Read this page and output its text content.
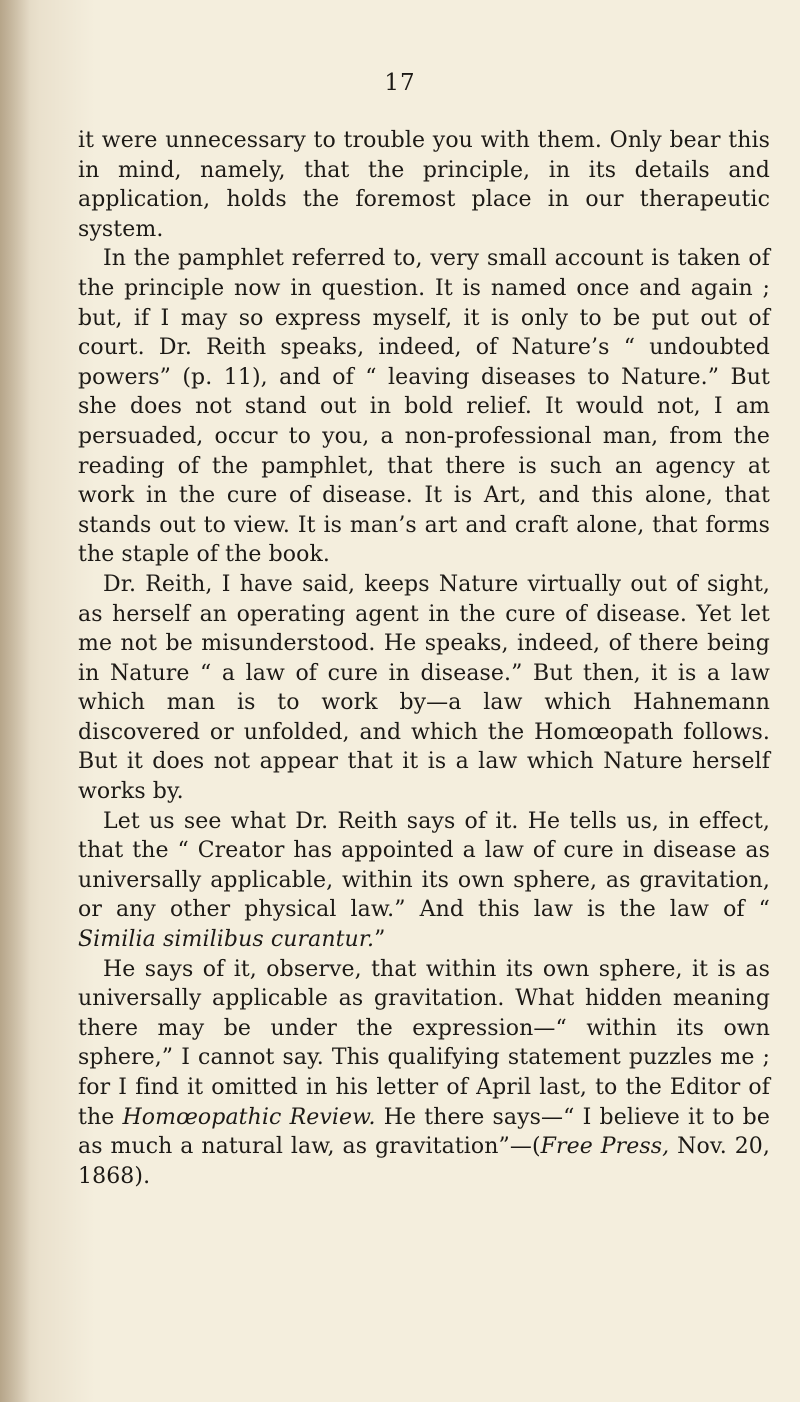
17

it were unnecessary to trouble you with them. Only bear this in mind, namely, that the principle, in its details and application, holds the foremost place in our therapeutic system.

In the pamphlet referred to, very small account is taken of the principle now in question. It is named once and again ; but, if I may so express myself, it is only to be put out of court. Dr. Reith speaks, indeed, of Nature’s “ undoubted powers” (p. 11), and of “ leaving diseases to Nature.” But she does not stand out in bold relief. It would not, I am persuaded, occur to you, a non-professional man, from the reading of the pamphlet, that there is such an agency at work in the cure of disease. It is Art, and this alone, that stands out to view. It is man’s art and craft alone, that forms the staple of the book.

Dr. Reith, I have said, keeps Nature virtually out of sight, as herself an operating agent in the cure of disease. Yet let me not be misunderstood. He speaks, indeed, of there being in Nature “ a law of cure in disease.” But then, it is a law which man is to work by—a law which Hahnemann discovered or unfolded, and which the Homœopath follows. But it does not appear that it is a law which Nature herself works by.

Let us see what Dr. Reith says of it. He tells us, in effect, that the “ Creator has appointed a law of cure in disease as universally applicable, within its own sphere, as gravitation, or any other physical law.” And this law is the law of “ Similia similibus curantur.”

He says of it, observe, that within its own sphere, it is as universally applicable as gravitation. What hidden meaning there may be under the expression—“ within its own sphere,” I cannot say. This qualifying statement puzzles me ; for I find it omitted in his letter of April last, to the Editor of the Homœopathic Review. He there says—“ I believe it to be as much a natural law, as gravitation”—(Free Press, Nov. 20, 1868).
